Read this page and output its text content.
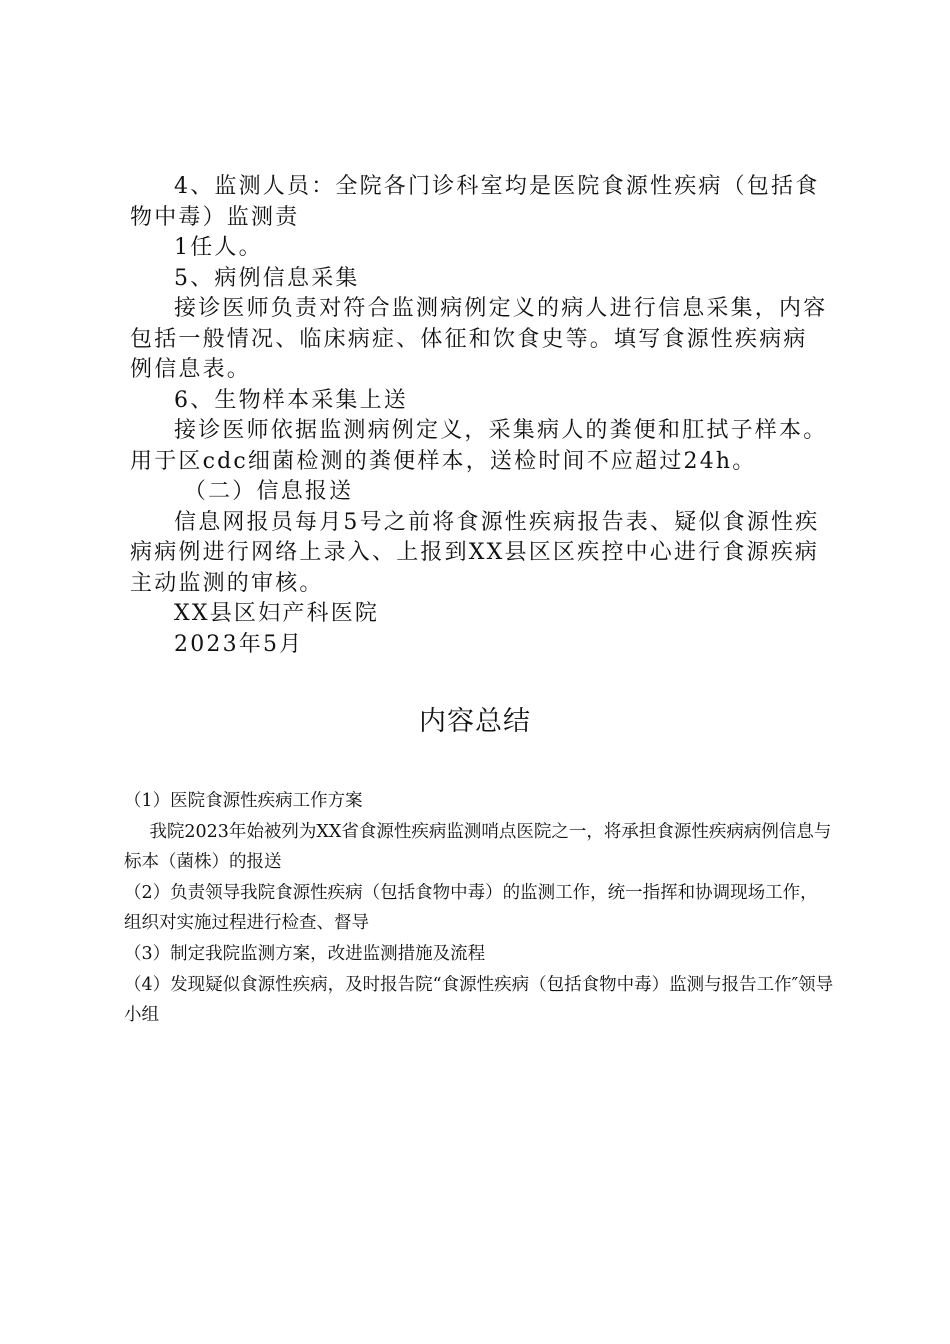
4、监测人员：全院各门诊科室均是医院食源性疾病（包括食物中毒）监测责

1任人。

5、病例信息采集

接诊医师负责对符合监测病例定义的病人进行信息采集，内容包括一般情况、临床病症、体征和饮食史等。填写食源性疾病病例信息表。

6、生物样本采集上送

接诊医师依据监测病例定义，采集病人的粪便和肛拭子样本。用于区cdc细菌检测的粪便样本，送检时间不应超过24h。

（二）信息报送

信息网报员每月5号之前将食源性疾病报告表、疑似食源性疾病病例进行网络上录入、上报到XX县区区疾控中心进行食源疾病主动监测的审核。

XX县区妇产科医院

2023年5月

内容总结

（1）医院食源性疾病工作方案

我院2023年始被列为XX省食源性疾病监测哨点医院之一，将承担食源性疾病病例信息与标本（菌株）的报送

（2）负责领导我院食源性疾病（包括食物中毒）的监测工作，统一指挥和协调现场工作，组织对实施过程进行检查、督导

（3）制定我院监测方案，改进监测措施及流程

（4）发现疑似食源性疾病，及时报告院“食源性疾病（包括食物中毒）监测与报告工作″领导小组
